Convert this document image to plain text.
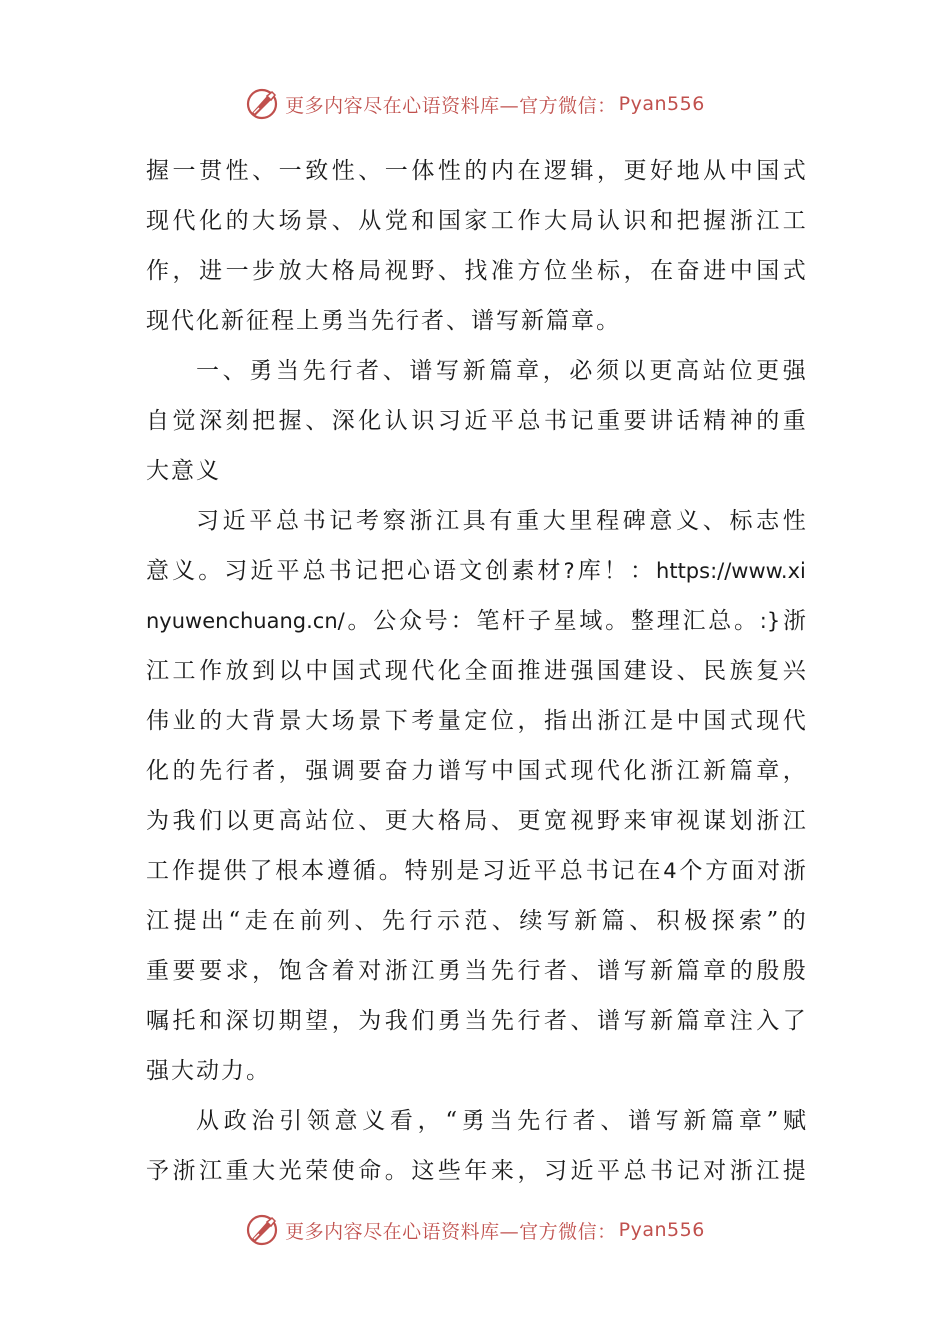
更多内容尽在心语资料库—官方微信： Pyan556
握 一 贯 性 、 一 致 性 、 一 体 性 的 内 在 逻 辑 ， 更 好 地 从 中 国 式
现 代 化 的 大 场 景 、 从 党 和 国 家 工 作 大 局 认 识 和 把 握 浙 江 工
作 ， 进 一 步 放 大 格 局 视 野 、 找 准 方 位 坐 标 ， 在 奋 进 中 国 式
现代化新征程上勇当先行者、谱写新篇章。
一 、 勇 当 先 行 者 、 谱 写 新 篇 章 ， 必 须 以 更 高 站 位 更 强
自 觉 深 刻 把 握 、 深 化 认 识 习 近 平 总 书 记 重 要 讲 话 精 神 的 重
大意义
习 近 平 总 书 记 考 察 浙 江 具 有 重 大 里 程 碑 意 义 、 标 志 性
意 义 。 习 近 平 总 书 记 把 心 语 文 创 素 材 ? 库 ！ ： https://www.xi
nyuwenchuang.cn/ 。 公 众 号 ： 笔 杆 子 星 域 。 整 理 汇 总 。 :} 浙
江 工 作 放 到 以 中 国 式 现 代 化 全 面 推 进 强 国 建 设 、 民 族 复 兴
伟 业 的 大 背 景 大 场 景 下 考 量 定 位 ， 指 出 浙 江 是 中 国 式 现 代
化 的 先 行 者 ， 强 调 要 奋 力 谱 写 中 国 式 现 代 化 浙 江 新 篇 章 ，
为 我 们 以 更 高 站 位 、 更 大 格 局 、 更 宽 视 野 来 审 视 谋 划 浙 江
工 作 提 供 了 根 本 遵 循 。 特 别 是 习 近 平 总 书 记 在 4 个 方 面 对 浙
江 提 出 “ 走 在 前 列 、 先 行 示 范 、 续 写 新 篇 、 积 极 探 索 ” 的
重 要 要 求 ， 饱 含 着 对 浙 江 勇 当 先 行 者 、 谱 写 新 篇 章 的 殷 殷
嘱 托 和 深 切 期 望 ， 为 我 们 勇 当 先 行 者 、 谱 写 新 篇 章 注 入 了
强大动力。
从 政 治 引 领 意 义 看 ， “ 勇 当 先 行 者 、 谱 写 新 篇 章 ” 赋
予 浙 江 重 大 光 荣 使 命 。 这 些 年 来 ， 习 近 平 总 书 记 对 浙 江 提
更多内容尽在心语资料库—官方微信： Pyan556
